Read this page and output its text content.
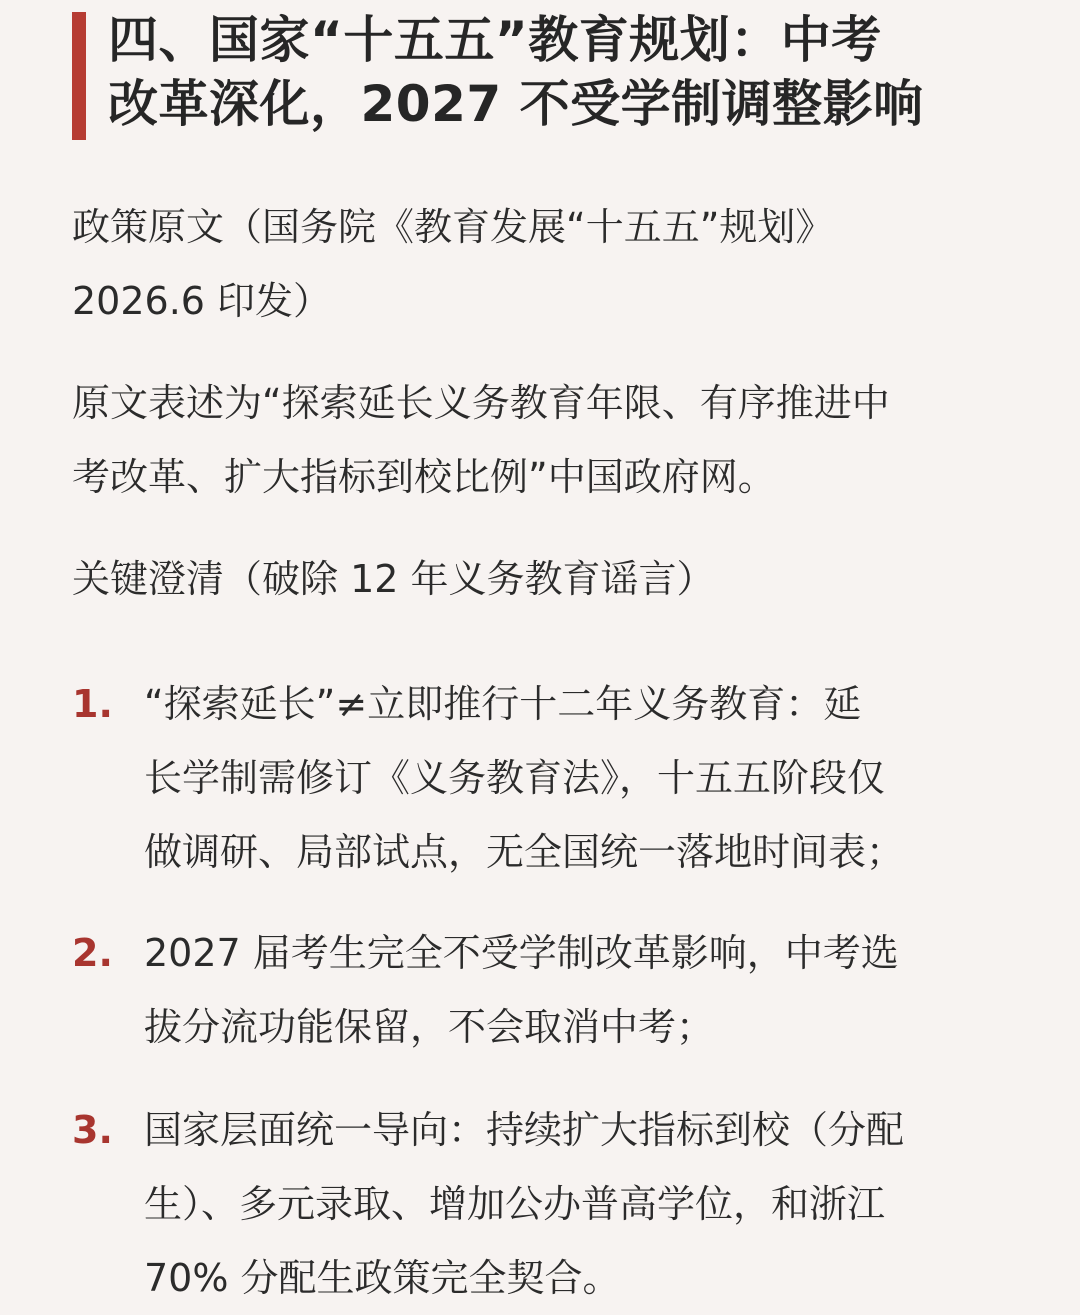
四、国家“十五五”教育规划：中考
改革深化，2027 不受学制调整影响

政策原文（国务院《教育发展“十五五”规划》
2026.6 印发）

原文表述为“探索延长义务教育年限、有序推进中
考改革、扩大指标到校比例”中国政府网。

关键澄清（破除 12 年义务教育谣言）

1. “探索延长”≠立即推行十二年义务教育：延
长学制需修订《义务教育法》，十五五阶段仅
做调研、局部试点，无全国统一落地时间表；
2. 2027 届考生完全不受学制改革影响，中考选
拔分流功能保留，不会取消中考；
3. 国家层面统一导向：持续扩大指标到校（分配
生）、多元录取、增加公办普高学位，和浙江
70% 分配生政策完全契合。
